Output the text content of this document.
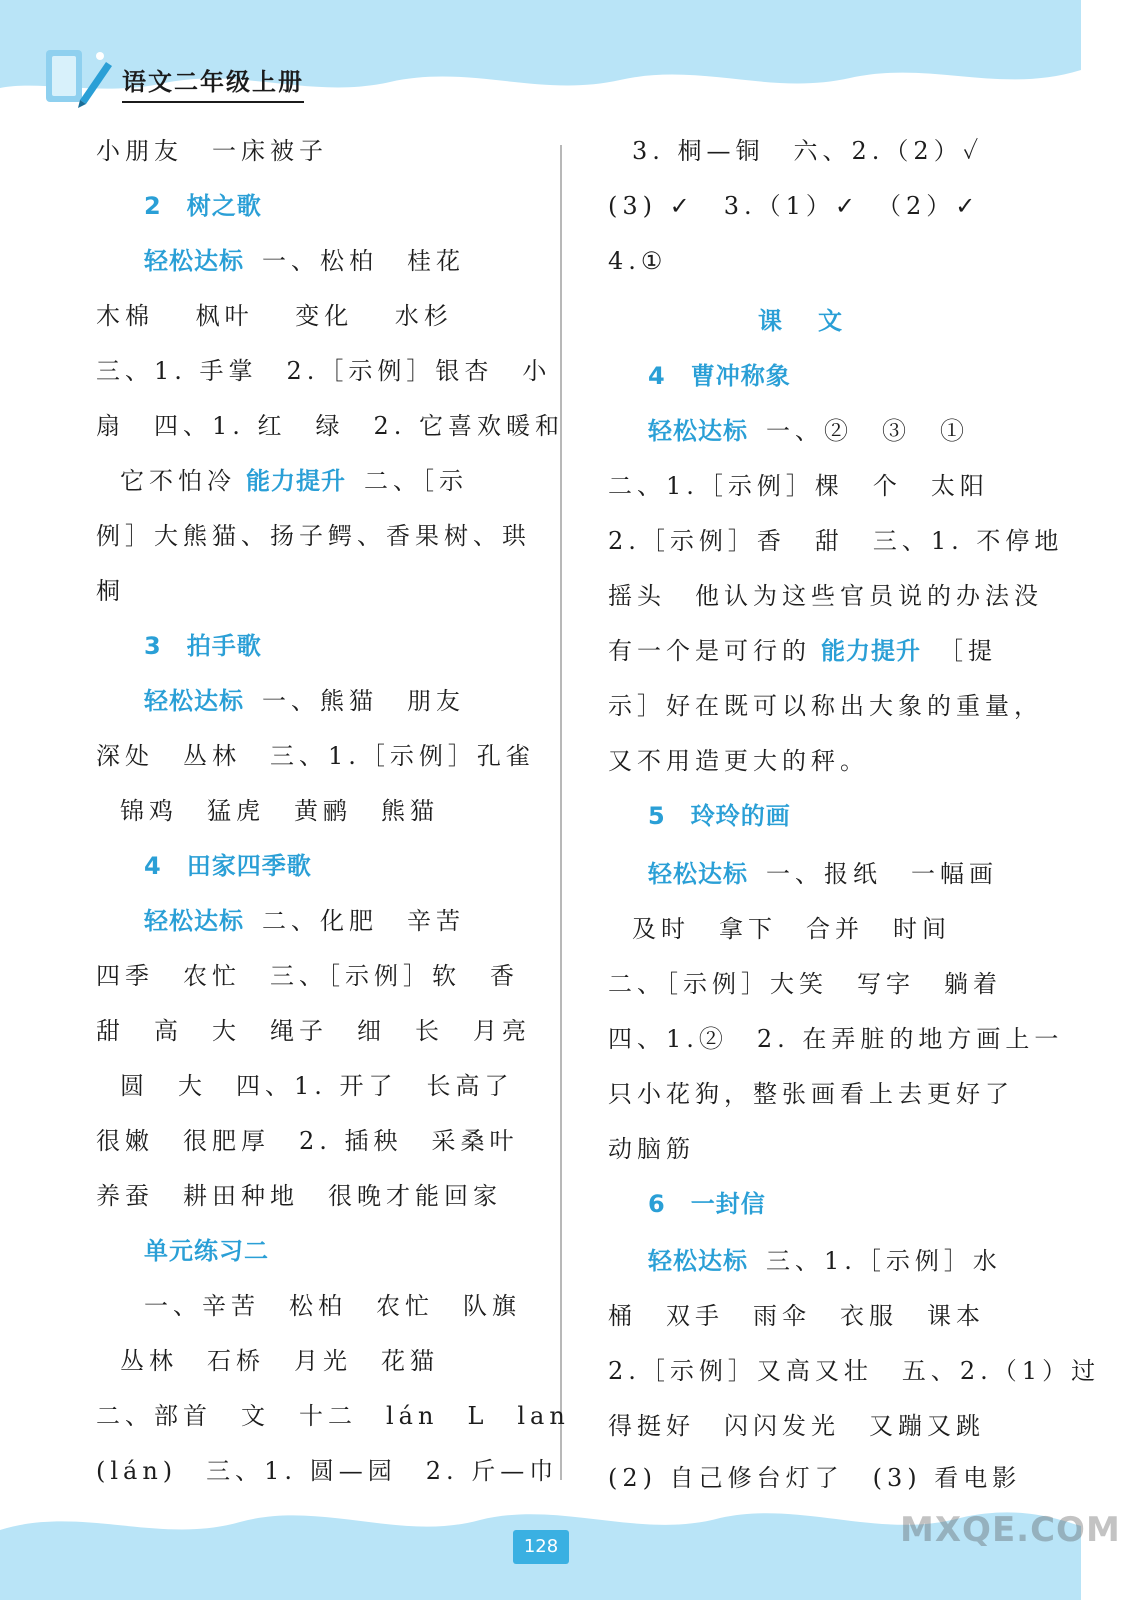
语文二年级上册
小朋友　一床被子
2　树之歌
轻松达标 一、松柏　桂花
木棉　 枫叶　 变化　 水杉
三、1. 手掌　2.［示例］银杏　小
扇　四、1. 红　绿　2. 它喜欢暖和
它不怕冷 能力提升 二、［示
例］大熊猫、扬子鳄、香果树、珙
桐
3　拍手歌
轻松达标 一、熊猫　朋友
深处　丛林　三、1.［示例］孔雀
锦鸡　猛虎　黄鹂　熊猫
4　田家四季歌
轻松达标 二、化肥　辛苦
四季　农忙　三、［示例］软　香
甜　高　大　绳子　细　长　月亮
圆　大　四、1. 开了　长高了
很嫩　很肥厚　2. 插秧　采桑叶
养蚕　耕田种地　很晚才能回家
单元练习二
一、辛苦　松柏　农忙　队旗
丛林　石桥　月光　花猫
二、部首　文　十二　lán　L　lan
(lán)　三、1. 圆—园　2. 斤—巾
3. 桐—铜　六、2.（2）✓
(3) ✓　3.（1）✓　（2）✓
4.①
课　文
4　曹冲称象
轻松达标 一、②　③　①
二、1.［示例］棵　个　太阳
2.［示例］香　甜　三、1. 不停地
摇头　他认为这些官员说的办法没
有一个是可行的 能力提升 ［提
示］好在既可以称出大象的重量，
又不用造更大的秤。
5　玲玲的画
轻松达标 一、报纸　一幅画
及时　拿下　合并　时间
二、［示例］大笑　写字　躺着
四、1.②　2. 在弄脏的地方画上一
只小花狗，整张画看上去更好了
动脑筋
6　一封信
轻松达标 三、1.［示例］水
桶　双手　雨伞　衣服　课本
2.［示例］又高又壮　五、2.（1）过
得挺好　闪闪发光　又蹦又跳
(2) 自己修台灯了　(3) 看电影
128	MXQE.COM
